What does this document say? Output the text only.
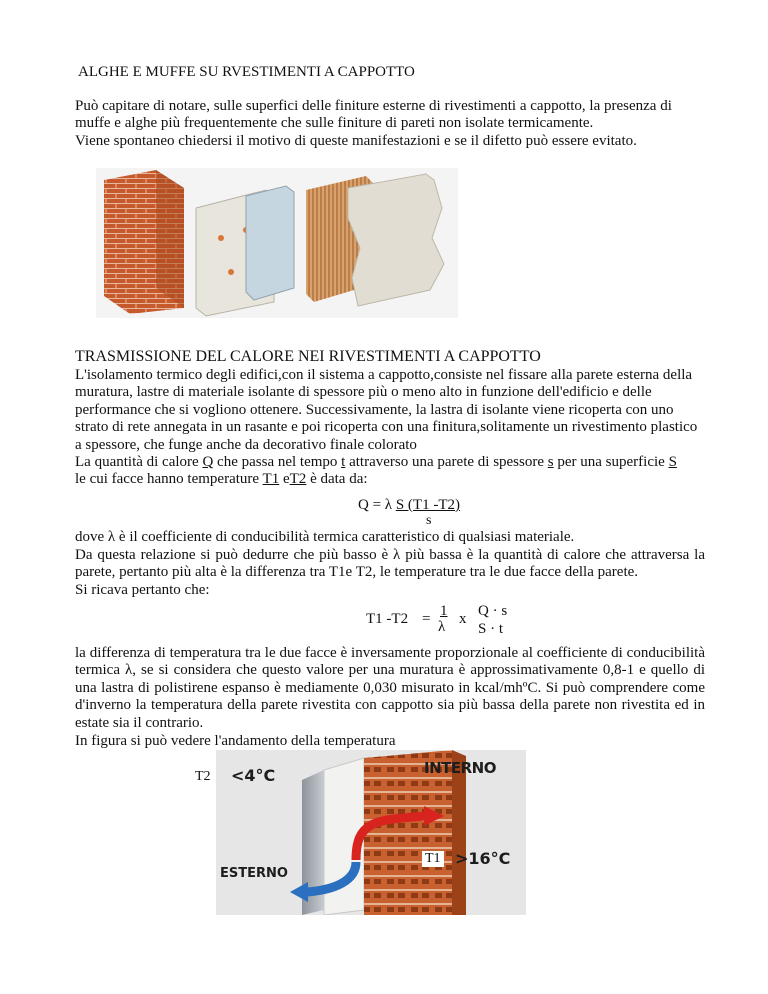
ALGHE E MUFFE SU RVESTIMENTI A CAPPOTTO

Può capitare di notare, sulle superfici delle finiture esterne di rivestimenti a cappotto, la presenza di muffe e alghe più frequentemente che sulle finiture di pareti non isolate termicamente.

Viene spontaneo chiedersi il motivo di queste manifestazioni e se il difetto può essere evitato.

TRASMISSIONE DEL CALORE NEI RIVESTIMENTI A CAPPOTTO

L'isolamento termico degli edifici,con il sistema a cappotto,consiste nel fissare alla parete esterna della muratura, lastre di materiale isolante di spessore più o meno alto in funzione dell'edificio e delle performance che si vogliono ottenere. Successivamente, la lastra di isolante viene ricoperta con uno strato di rete annegata in un rasante e poi ricoperta con una finitura,solitamente un rivestimento plastico a spessore, che funge anche da decorativo finale colorato

La quantità di calore Q che passa nel tempo t attraverso una parete di spessore s per una superficie S
le cui facce hanno temperature T1 eT2 è data da:

Q = λ S (T1 -T2)
s

dove λ è il coefficiente di conducibilità termica caratteristico di qualsiasi materiale.

Da questa relazione si può dedurre che più basso è λ più bassa è la quantità di calore che attraversa la parete, pertanto più alta è la differenza tra T1e T2, le temperature tra le due facce della parete.

Si ricava pertanto che:

T1 -T2 = 1
λ x Q · s
S · t

la differenza di temperatura tra le due facce è inversamente proporzionale al coefficiente di conducibilità termica λ, se si considera che questo valore per una muratura è approssimativamente 0,8-1 e quello di una lastra di polistirene espanso è mediamente 0,030 misurato in kcal/mhºC. Si può comprendere come d'inverno la temperatura della parete rivestita con cappotto sia più bassa della parete non rivestita ed in estate sia il contrario.

In figura si può vedere l'andamento della temperatura

T2 <4°C	INTERNO
ESTERNO
T1 >16°C
